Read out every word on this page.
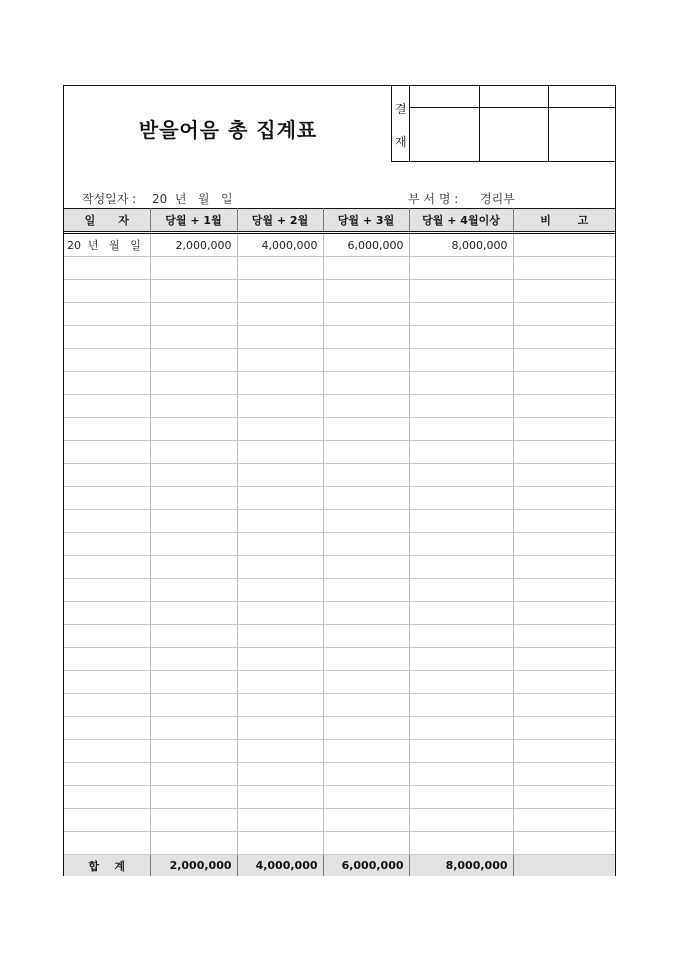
받을어음 총 집계표
결
재
작성일자 : 20  년   월   일	부 서 명 : 경리부
일      자	당월 + 1월	당월 + 2월	당월 + 3월	당월 + 4월이상	비       고
20  년   월   일	2,000,000	4,000,000	6,000,000	8,000,000	

합    계	2,000,000	4,000,000	6,000,000	8,000,000	
